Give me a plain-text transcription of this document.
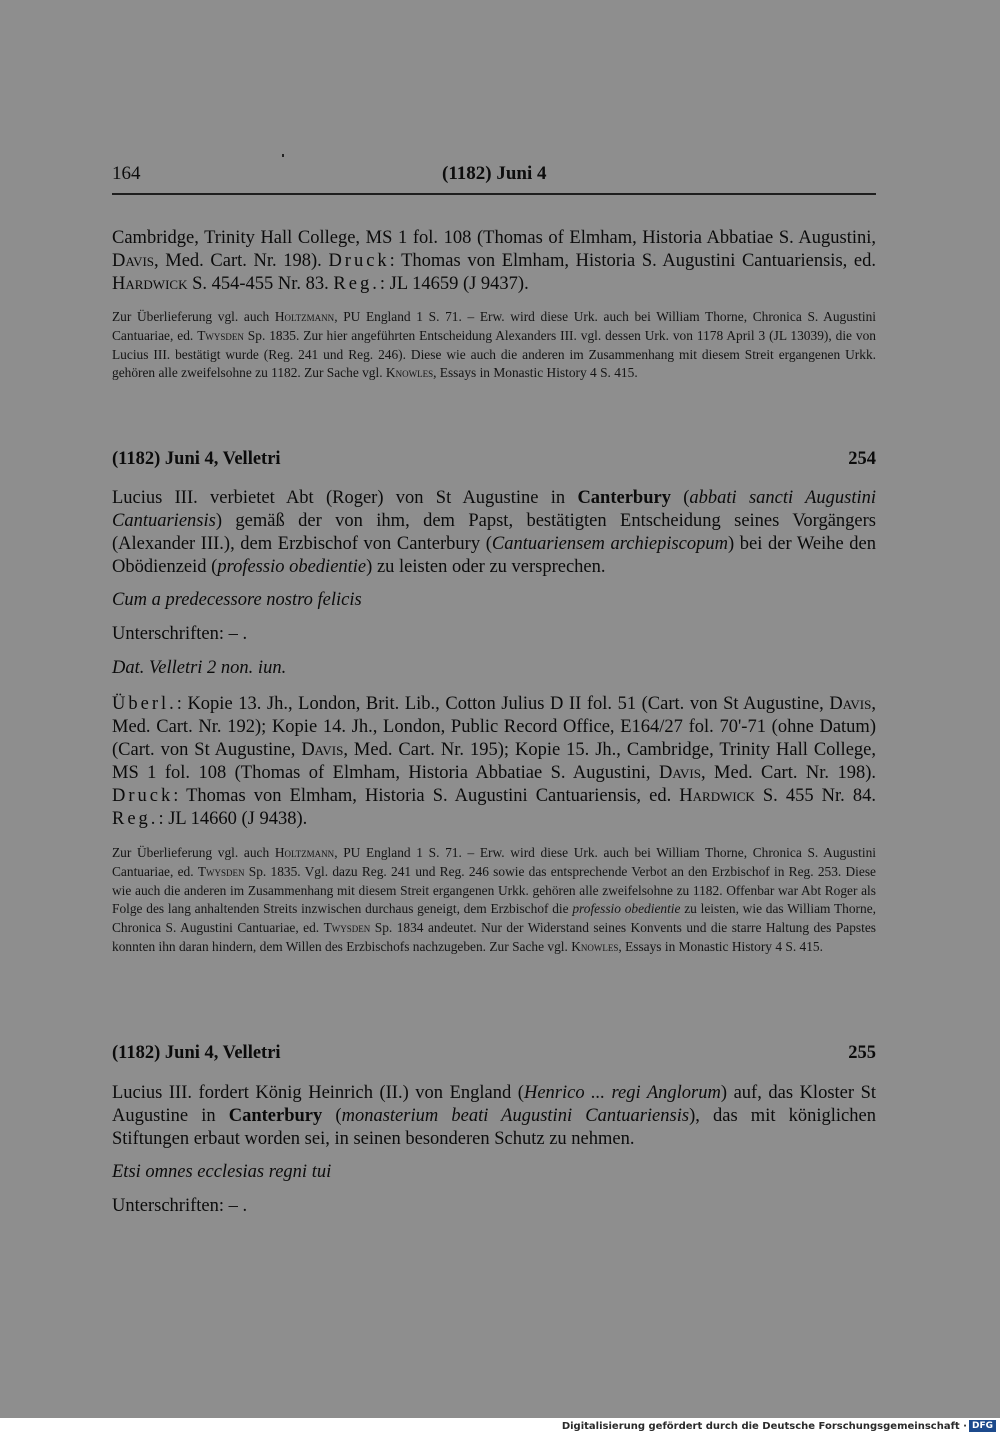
164	(1182) Juni 4

Cambridge, Trinity Hall College, MS 1 fol. 108 (Thomas of Elmham, Historia Abbatiae S. Augustini, Davis, Med. Cart. Nr. 198). Druck: Thomas von Elmham, Historia S. Augustini Cantuariensis, ed. Hardwick S. 454-455 Nr. 83. Reg.: JL 14659 (J 9437).

Zur Überlieferung vgl. auch Holtzmann, PU England 1 S. 71. – Erw. wird diese Urk. auch bei William Thorne, Chronica S. Augustini Cantuariae, ed. Twysden Sp. 1835. Zur hier angeführten Entscheidung Alexanders III. vgl. dessen Urk. von 1178 April 3 (JL 13039), die von Lucius III. bestätigt wurde (Reg. 241 und Reg. 246). Diese wie auch die anderen im Zusammenhang mit diesem Streit ergangenen Urkk. gehören alle zweifelsohne zu 1182. Zur Sache vgl. Knowles, Essays in Monastic History 4 S. 415.

(1182) Juni 4, Velletri	254

Lucius III. verbietet Abt (Roger) von St Augustine in Canterbury (abbati sancti Augustini Cantuariensis) gemäß der von ihm, dem Papst, bestätigten Entscheidung seines Vorgängers (Alexander III.), dem Erzbischof von Canterbury (Cantuariensem archiepiscopum) bei der Weihe den Obödienzeid (professio obedientie) zu leisten oder zu versprechen.

Cum a predecessore nostro felicis
Unterschriften: – .
Dat. Velletri 2 non. iun.

Überl.: Kopie 13. Jh., London, Brit. Lib., Cotton Julius D II fol. 51 (Cart. von St Augustine, Davis, Med. Cart. Nr. 192); Kopie 14. Jh., London, Public Record Office, E164/27 fol. 70'-71 (ohne Datum) (Cart. von St Augustine, Davis, Med. Cart. Nr. 195); Kopie 15. Jh., Cambridge, Trinity Hall College, MS 1 fol. 108 (Thomas of Elmham, Historia Abbatiae S. Augustini, Davis, Med. Cart. Nr. 198). Druck: Thomas von Elmham, Historia S. Augustini Cantuariensis, ed. Hardwick S. 455 Nr. 84. Reg.: JL 14660 (J 9438).

Zur Überlieferung vgl. auch Holtzmann, PU England 1 S. 71. – Erw. wird diese Urk. auch bei William Thorne, Chronica S. Augustini Cantuariae, ed. Twysden Sp. 1835. Vgl. dazu Reg. 241 und Reg. 246 sowie das entsprechende Verbot an den Erzbischof in Reg. 253. Diese wie auch die anderen im Zusammenhang mit diesem Streit ergangenen Urkk. gehören alle zweifelsohne zu 1182. Offenbar war Abt Roger als Folge des lang anhaltenden Streits inzwischen durchaus geneigt, dem Erzbischof die professio obedientie zu leisten, wie das William Thorne, Chronica S. Augustini Cantuariae, ed. Twysden Sp. 1834 andeutet. Nur der Widerstand seines Konvents und die starre Haltung des Papstes konnten ihn daran hindern, dem Willen des Erzbischofs nachzugeben. Zur Sache vgl. Knowles, Essays in Monastic History 4 S. 415.

(1182) Juni 4, Velletri	255

Lucius III. fordert König Heinrich (II.) von England (Henrico ... regi Anglorum) auf, das Kloster St Augustine in Canterbury (monasterium beati Augustini Cantuariensis), das mit königlichen Stiftungen erbaut worden sei, in seinen besonderen Schutz zu nehmen.

Etsi omnes ecclesias regni tui
Unterschriften: – .
Digitalisierung gefördert durch die Deutsche Forschungsgemeinschaft · DFG
